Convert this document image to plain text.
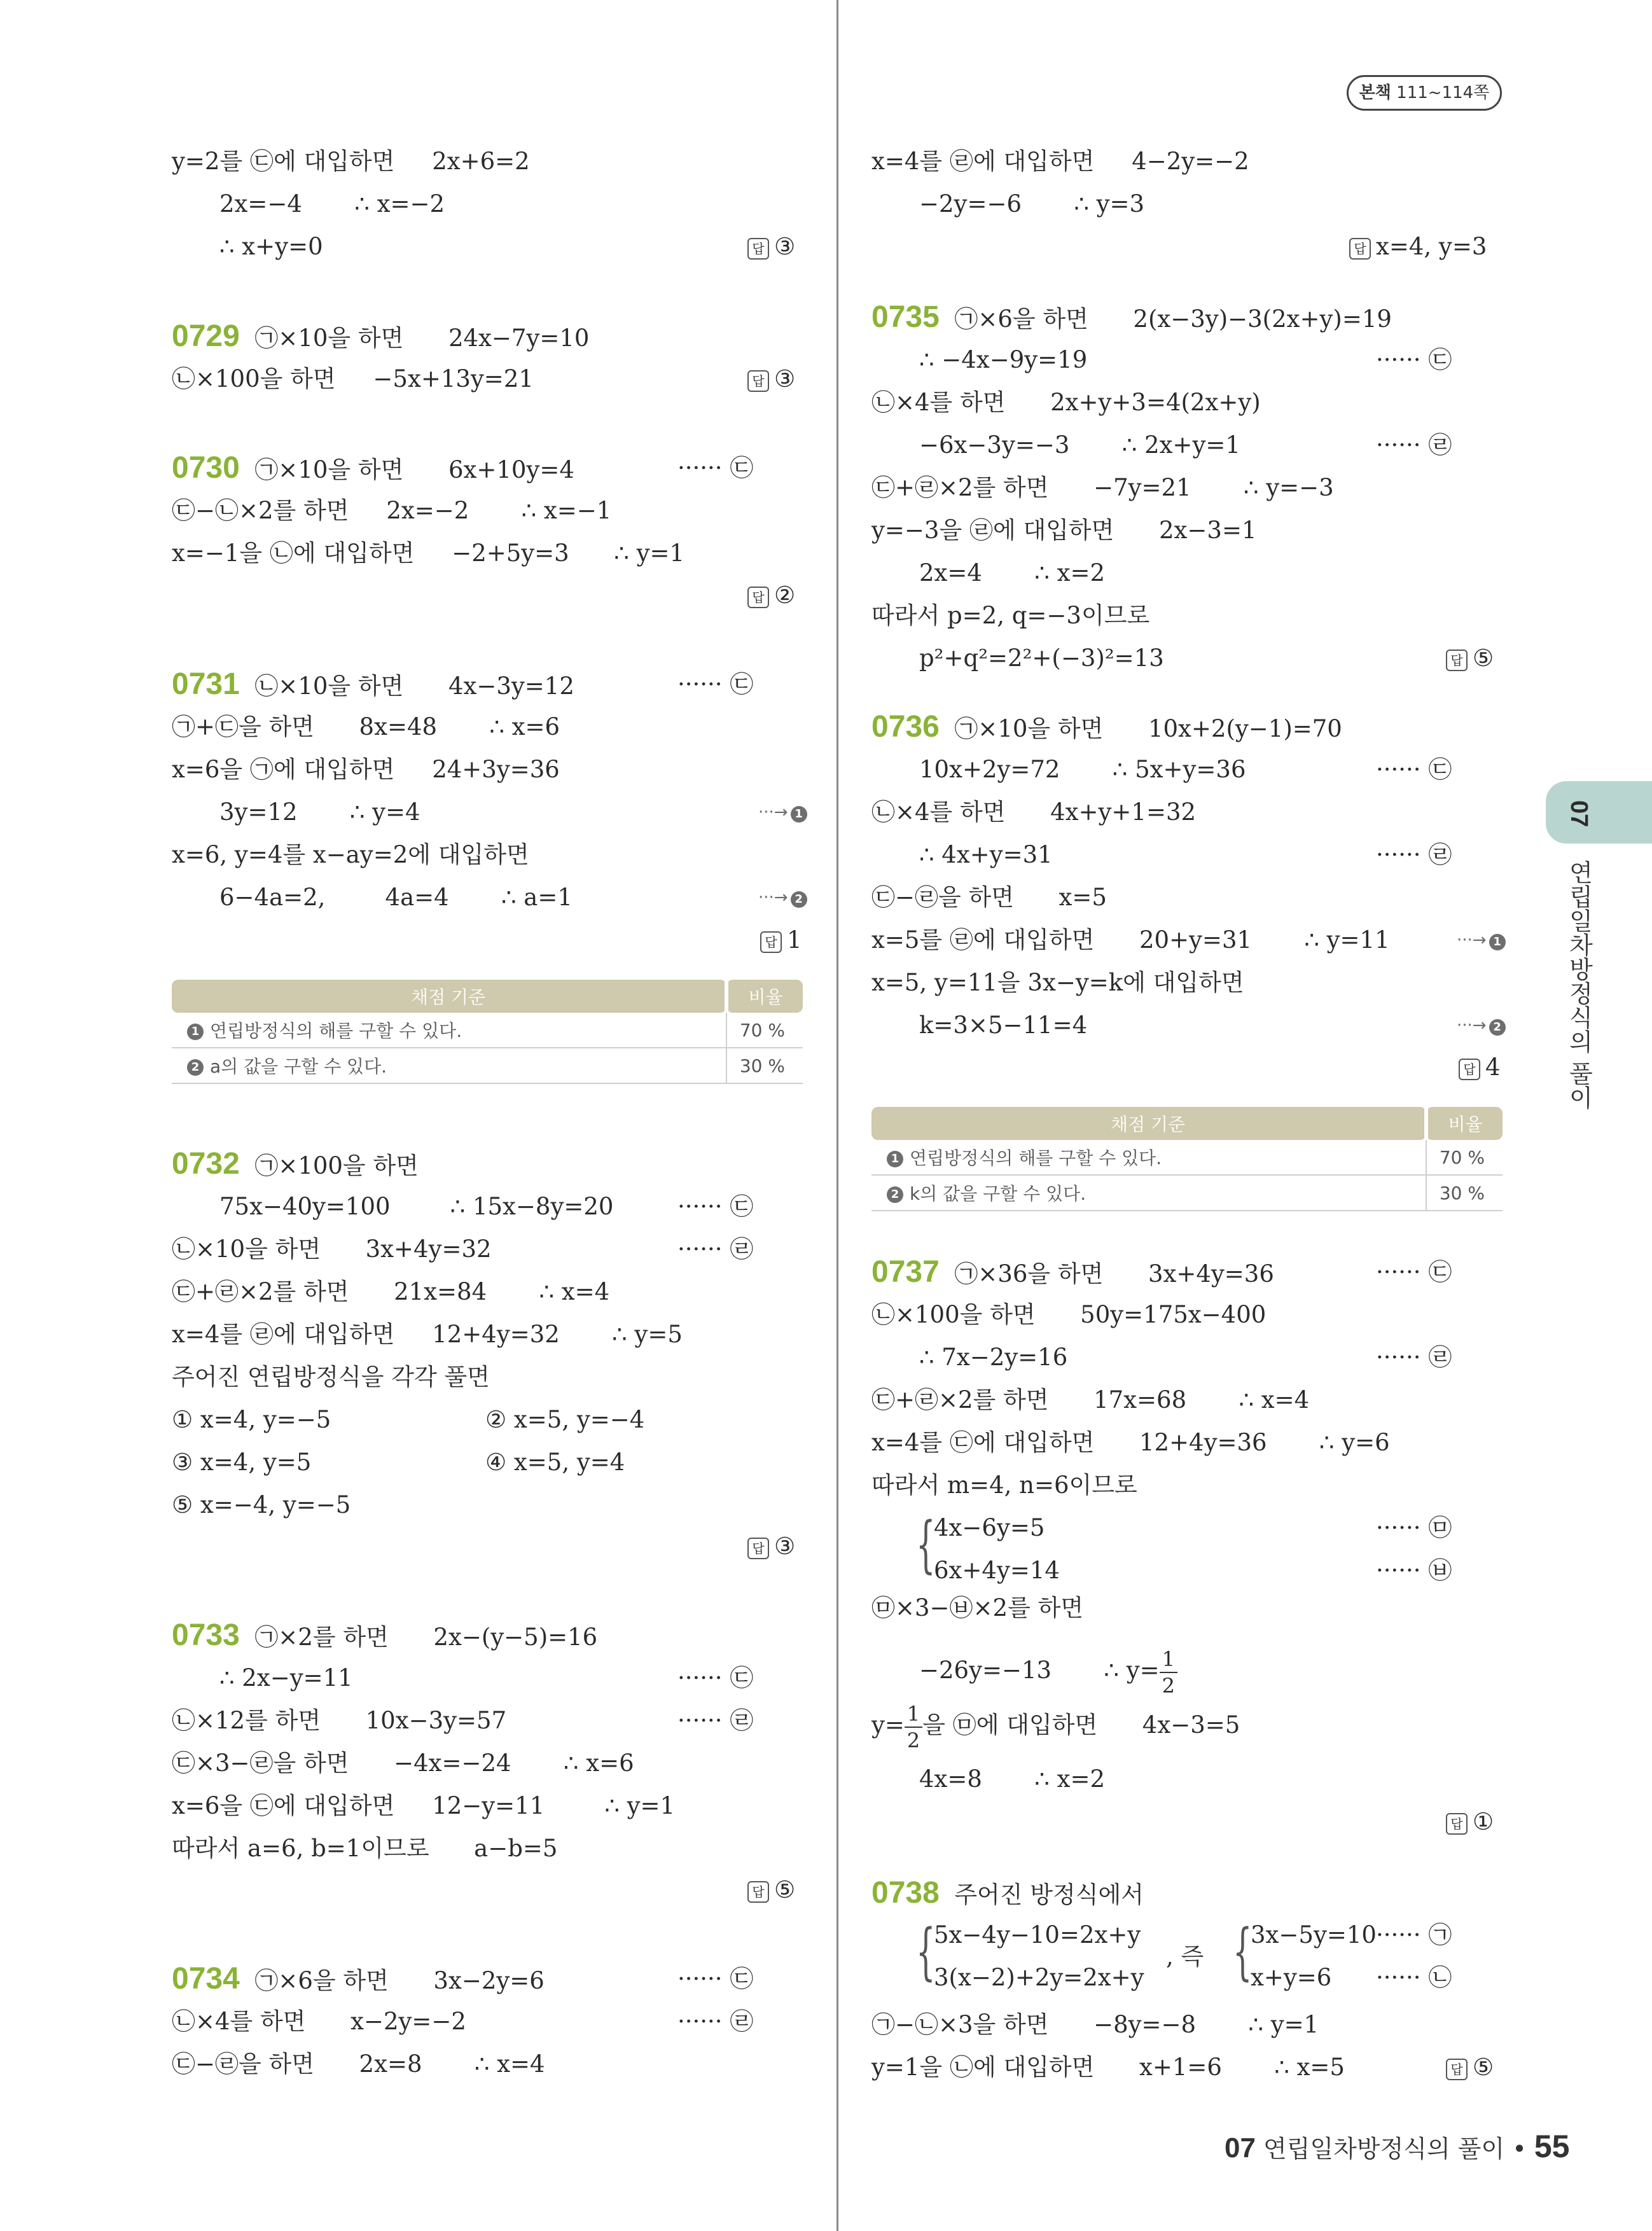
본책 111~114쪽
07
연립일차방정식의 풀이
y=2를 ㉢에 대입하면     2x+6=2
2x=−4       ∴ x=−2
∴ x+y=0	답 ③
0729 ㉠×10을 하면      24x−7y=10
㉡×100을 하면     −5x+13y=21	답 ③
0730 ㉠×10을 하면      6x+10y=4	······ ㉢
㉢−㉡×2를 하면     2x=−2       ∴ x=−1
x=−1을 ㉡에 대입하면     −2+5y=3      ∴ y=1
답 ②
0731 ㉡×10을 하면      4x−3y=12	······ ㉢
㉠+㉢을 하면      8x=48       ∴ x=6
x=6을 ㉠에 대입하면     24+3y=36
3y=12       ∴ y=4	···→ 1
x=6, y=4를 x−ay=2에 대입하면
6−4a=2,        4a=4       ∴ a=1	···→ 2
답 1
채점 기준	비율
1 연립방정식의 해를 구할 수 있다.	70 %
2 a의 값을 구할 수 있다.	30 %
0732 ㉠×100을 하면
75x−40y=100        ∴ 15x−8y=20	······ ㉢
㉡×10을 하면      3x+4y=32	······ ㉣
㉢+㉣×2를 하면      21x=84       ∴ x=4
x=4를 ㉣에 대입하면     12+4y=32       ∴ y=5
주어진 연립방정식을 각각 풀면
① x=4, y=−5	② x=5, y=−4
③ x=4, y=5	④ x=5, y=4
⑤ x=−4, y=−5
답 ③
0733 ㉠×2를 하면      2x−(y−5)=16
∴ 2x−y=11	······ ㉢
㉡×12를 하면      10x−3y=57	······ ㉣
㉢×3−㉣을 하면      −4x=−24       ∴ x=6
x=6을 ㉢에 대입하면     12−y=11        ∴ y=1
따라서 a=6, b=1이므로      a−b=5
답 ⑤
0734 ㉠×6을 하면      3x−2y=6	······ ㉢
㉡×4를 하면      x−2y=−2	······ ㉣
㉢−㉣을 하면      2x=8       ∴ x=4
x=4를 ㉣에 대입하면     4−2y=−2
−2y=−6       ∴ y=3
답 x=4, y=3
0735 ㉠×6을 하면      2(x−3y)−3(2x+y)=19
∴ −4x−9y=19	······ ㉢
㉡×4를 하면      2x+y+3=4(2x+y)
−6x−3y=−3       ∴ 2x+y=1	······ ㉣
㉢+㉣×2를 하면      −7y=21       ∴ y=−3
y=−3을 ㉣에 대입하면      2x−3=1
2x=4       ∴ x=2
따라서 p=2, q=−3이므로
p²+q²=2²+(−3)²=13	답 ⑤
0736 ㉠×10을 하면      10x+2(y−1)=70
10x+2y=72       ∴ 5x+y=36	······ ㉢
㉡×4를 하면      4x+y+1=32
∴ 4x+y=31	······ ㉣
㉢−㉣을 하면      x=5
x=5를 ㉣에 대입하면      20+y=31       ∴ y=11	···→ 1
x=5, y=11을 3x−y=k에 대입하면
k=3×5−11=4	···→ 2
답 4
채점 기준	비율
1 연립방정식의 해를 구할 수 있다.	70 %
2 k의 값을 구할 수 있다.	30 %
0737 ㉠×36을 하면      3x+4y=36	······ ㉢
㉡×100을 하면      50y=175x−400
∴ 7x−2y=16	······ ㉣
㉢+㉣×2를 하면      17x=68       ∴ x=4
x=4를 ㉢에 대입하면      12+4y=36       ∴ y=6
따라서 m=4, n=6이므로
{
4x−6y=5	······ ㉤
6x+4y=14	······ ㉥
㉤×3−㉥×2를 하면
−26y=−13       ∴ $y= \frac{1}{2}$
$y= \frac{1}{2}$ 을 ㉤에 대입하면      4x−3=5
4x=8       ∴ x=2
답 ①
0738 주어진 방정식에서
{
5x−4y−10=2x+y
3(x−2)+2y=2x+y
, 즉 {
3x−5y=10 ······ ㉠
x+y=6 ······ ㉡
㉠−㉡×3을 하면      −8y=−8       ∴ y=1
y=1을 ㉡에 대입하면      x+1=6       ∴ x=5	답 ⑤
07 연립일차방정식의 풀이 • 55
